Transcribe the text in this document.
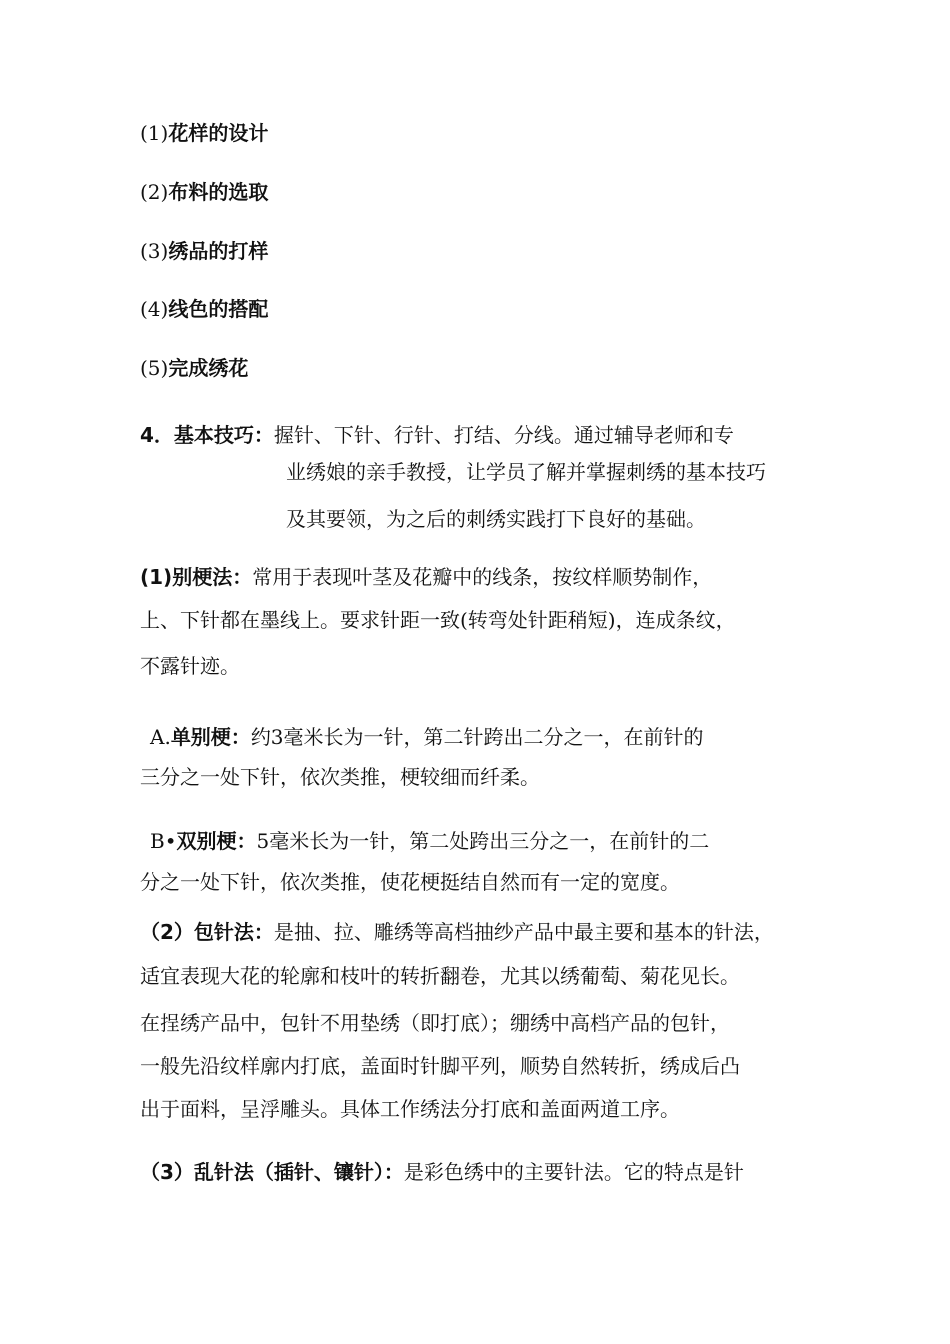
(1)花样的设计

(2)布料的选取

(3)绣品的打样

(4)线色的搭配

(5)完成绣花

4．基本技巧：握针、下针、行针、打结、分线。通过辅导老师和专

业绣娘的亲手教授，让学员了解并掌握刺绣的基本技巧

及其要领，为之后的刺绣实践打下良好的基础。

(1)别梗法：常用于表现叶茎及花瓣中的线条，按纹样顺势制作，

上、下针都在墨线上。要求针距一致(转弯处针距稍短)，连成条纹，

不露针迹。

A.单别梗：约3毫米长为一针，第二针跨出二分之一，在前针的

三分之一处下针，依次类推，梗较细而纤柔。

B•双别梗：5毫米长为一针，第二处跨出三分之一，在前针的二

分之一处下针，依次类推，使花梗挺结自然而有一定的宽度。

（2）包针法：是抽、拉、雕绣等高档抽纱产品中最主要和基本的针法，

适宜表现大花的轮廓和枝叶的转折翻卷，尤其以绣葡萄、菊花见长。

在挰绣产品中，包针不用垫绣（即打底）；绷绣中高档产品的包针，

一般先沿纹样廓内打底，盖面时针脚平列，顺势自然转折，绣成后凸

出于面料，呈浮雕头。具体工作绣法分打底和盖面两道工序。

（3）乱针法（插针、镶针）：是彩色绣中的主要针法。它的特点是针
